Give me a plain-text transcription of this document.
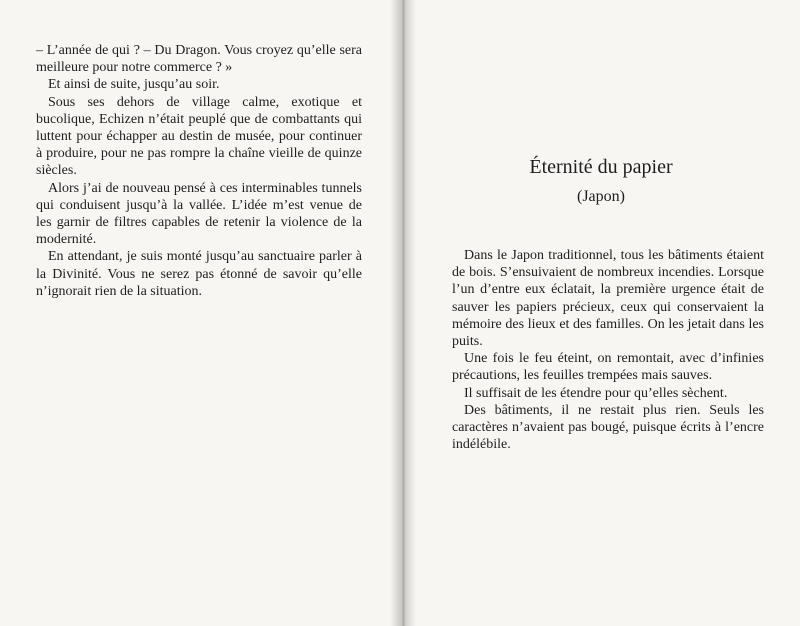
– L’année de qui ? – Du Dragon. Vous croyez qu’elle sera meilleure pour notre commerce ? »

Et ainsi de suite, jusqu’au soir.

Sous ses dehors de village calme, exotique et bucolique, Echizen n’était peuplé que de combattants qui luttent pour échapper au destin de musée, pour continuer à produire, pour ne pas rompre la chaîne vieille de quinze siècles.

Alors j’ai de nouveau pensé à ces interminables tunnels qui conduisent jusqu’à la vallée. L’idée m’est venue de les garnir de filtres capables de retenir la violence de la modernité.

En attendant, je suis monté jusqu’au sanctuaire parler à la Divinité. Vous ne serez pas étonné de savoir qu’elle n’ignorait rien de la situation.

Éternité du papier
(Japon)

Dans le Japon traditionnel, tous les bâtiments étaient de bois. S’ensuivaient de nombreux incendies. Lorsque l’un d’entre eux éclatait, la première urgence était de sauver les papiers précieux, ceux qui conservaient la mémoire des lieux et des familles. On les jetait dans les puits.

Une fois le feu éteint, on remontait, avec d’infinies précautions, les feuilles trempées mais sauves.

Il suffisait de les étendre pour qu’elles sèchent.

Des bâtiments, il ne restait plus rien. Seuls les caractères n’avaient pas bougé, puisque écrits à l’encre indélébile.
